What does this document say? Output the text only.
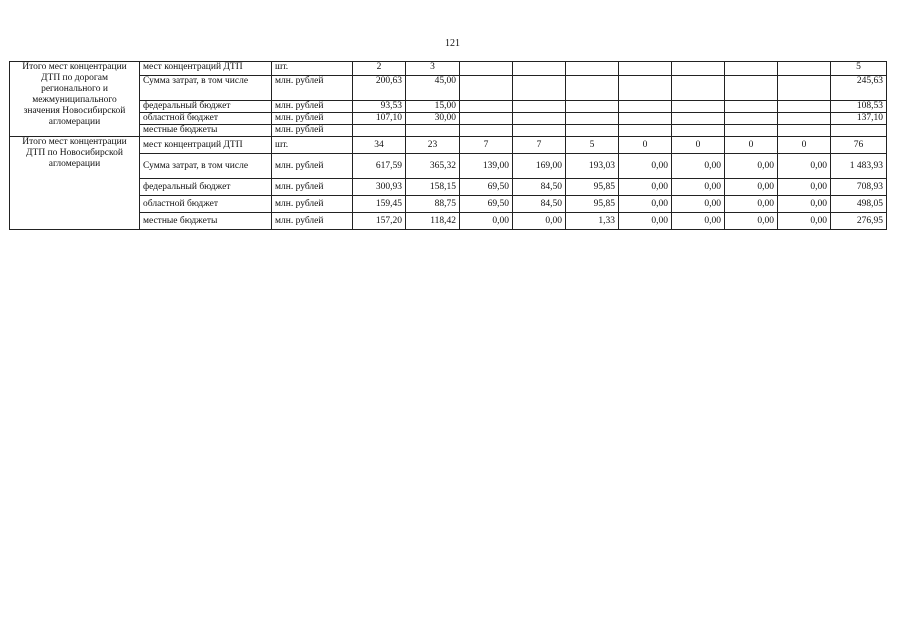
121
Итого мест концентрации ДТП по дорогам регионального и межмуниципального значения Новосибирской агломерации	мест концентраций ДТП	шт.	2	3								5
	Сумма затрат, в том числе	млн. рублей	200,63	45,00								245,63
	федеральный бюджет	млн. рублей	93,53	15,00								108,53
	областной бюджет	млн. рублей	107,10	30,00								137,10
	местные бюджеты	млн. рублей										
Итого мест концентрации ДТП по Новосибирской агломерации	мест концентраций ДТП	шт.	34	23	7	7	5	0	0	0	0	76
	Сумма затрат, в том числе	млн. рублей	617,59	365,32	139,00	169,00	193,03	0,00	0,00	0,00	0,00	1 483,93
	федеральный бюджет	млн. рублей	300,93	158,15	69,50	84,50	95,85	0,00	0,00	0,00	0,00	708,93
	областной бюджет	млн. рублей	159,45	88,75	69,50	84,50	95,85	0,00	0,00	0,00	0,00	498,05
	местные бюджеты	млн. рублей	157,20	118,42	0,00	0,00	1,33	0,00	0,00	0,00	0,00	276,95
